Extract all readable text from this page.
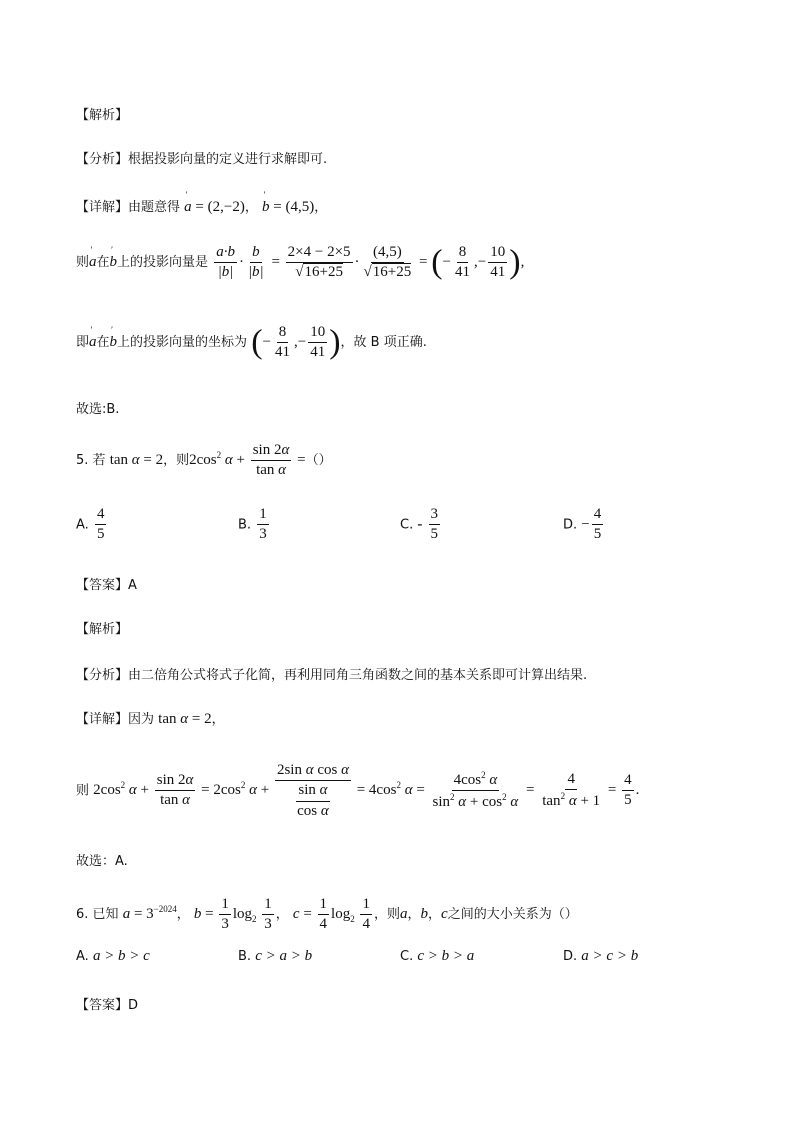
【解析】
【分析】根据投影向量的定义进行求解即可.
【详解】由题意得 ' a = (2,−2)， ' b = (4,5)，
则' a在' b上的投影向量是 $\frac{a\cdot b}{|b|} \cdot \frac{b}{|b|} = \frac{2\times 4 - 2\times 5}{√16+25} \cdot \frac{(4,5)}{√16+25}$ = (− $\frac{8}{41}$ ,− $\frac{10}{41}$ ),
即' a在' b上的投影向量的坐标为 (− $\frac{8}{41}$ ,− $\frac{10}{41}$ )，故 B 项正确.
故选:B.
5. 若 tan α = 2，则$2\cos^2$ $\alpha + \frac{\sin 2\alpha}{\text{tan α}}$ =（）
A. $\frac{4}{5}$	B. $\frac{1}{3}$	C. - $\frac{3}{5}$	D. − $\frac{4}{5}$
【答案】A
【解析】
【分析】由二倍角公式将式子化简，再利用同角三角函数之间的基本关系即可计算出结果.
【详解】因为 tan α = 2，
则 $2\cos^2$ $\alpha + \frac{\sin 2\alpha}{\text{tan α}} = 2\cos^2$ $\alpha + \frac{\text{2sin α cos α}}{\frac{\text{sin α}}{\text{cos α}}} = 4\cos^2$ $\alpha = \frac{4\cos^2 \alpha}{\sin^2 \alpha + \cos^2 \alpha} = \frac{4}{\tan^2 \alpha + 1} = \frac{4}{5}$ .
故选：A.
6. 已知 $a = 3^{-2024}$， $b = \frac{1}{3} \log_2 \frac{1}{3}$ ， $c = \frac{1}{4} \log_2 \frac{1}{4}$ ，则a，b，c之间的大小关系为（）
A. a > b > c	B. c > a > b	C. c > b > a	D. a > c > b
【答案】D
